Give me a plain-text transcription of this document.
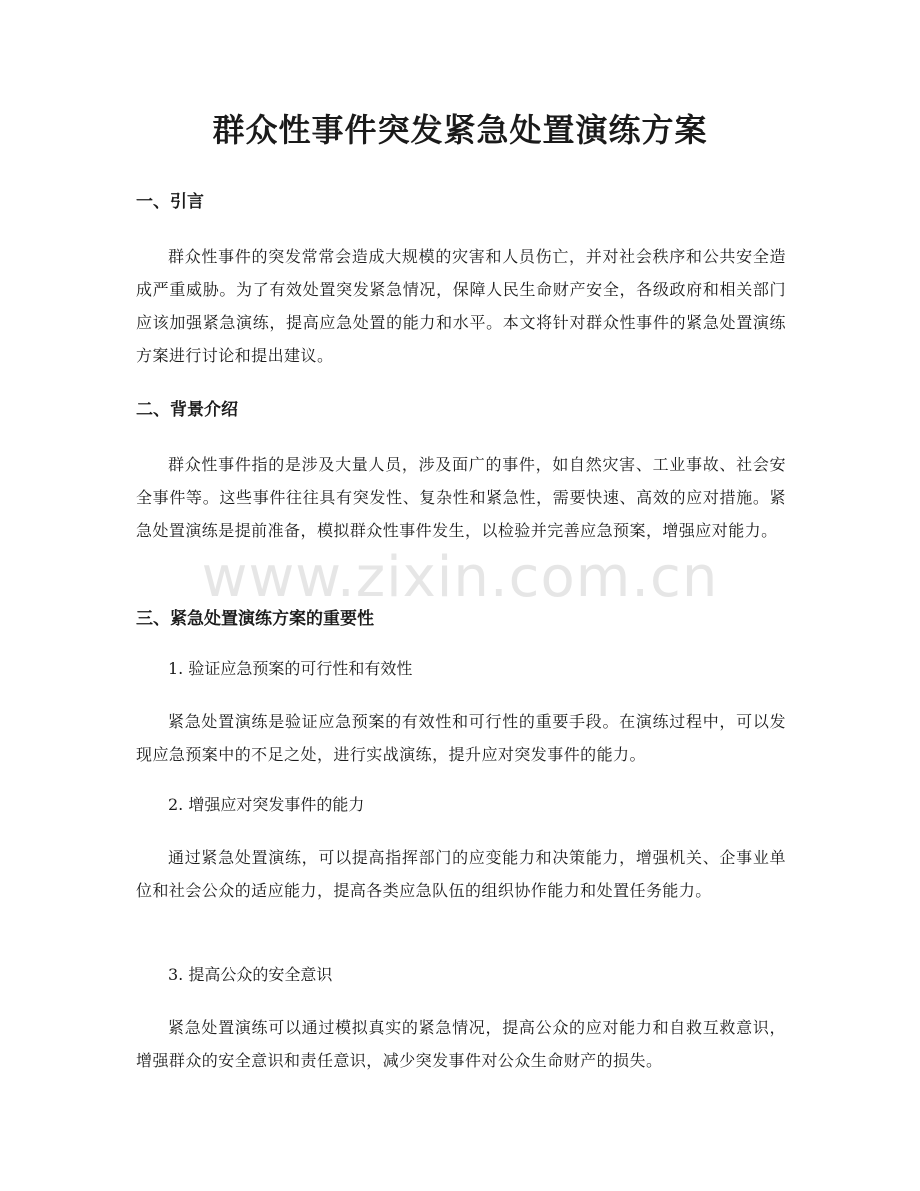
群众性事件突发紧急处置演练方案
一、引言

群众性事件的突发常常会造成大规模的灾害和人员伤亡，并对社会秩序和公共安全造成严重威胁。为了有效处置突发紧急情况，保障人民生命财产安全，各级政府和相关部门应该加强紧急演练，提高应急处置的能力和水平。本文将针对群众性事件的紧急处置演练方案进行讨论和提出建议。

二、背景介绍

群众性事件指的是涉及大量人员，涉及面广的事件，如自然灾害、工业事故、社会安全事件等。这些事件往往具有突发性、复杂性和紧急性，需要快速、高效的应对措施。紧急处置演练是提前准备，模拟群众性事件发生，以检验并完善应急预案，增强应对能力。

三、紧急处置演练方案的重要性

1. 验证应急预案的可行性和有效性

紧急处置演练是验证应急预案的有效性和可行性的重要手段。在演练过程中，可以发现应急预案中的不足之处，进行实战演练，提升应对突发事件的能力。

2. 增强应对突发事件的能力

通过紧急处置演练，可以提高指挥部门的应变能力和决策能力，增强机关、企事业单位和社会公众的适应能力，提高各类应急队伍的组织协作能力和处置任务能力。

3. 提高公众的安全意识

紧急处置演练可以通过模拟真实的紧急情况，提高公众的应对能力和自救互救意识，增强群众的安全意识和责任意识，减少突发事件对公众生命财产的损失。

www.zixin.com.cn
